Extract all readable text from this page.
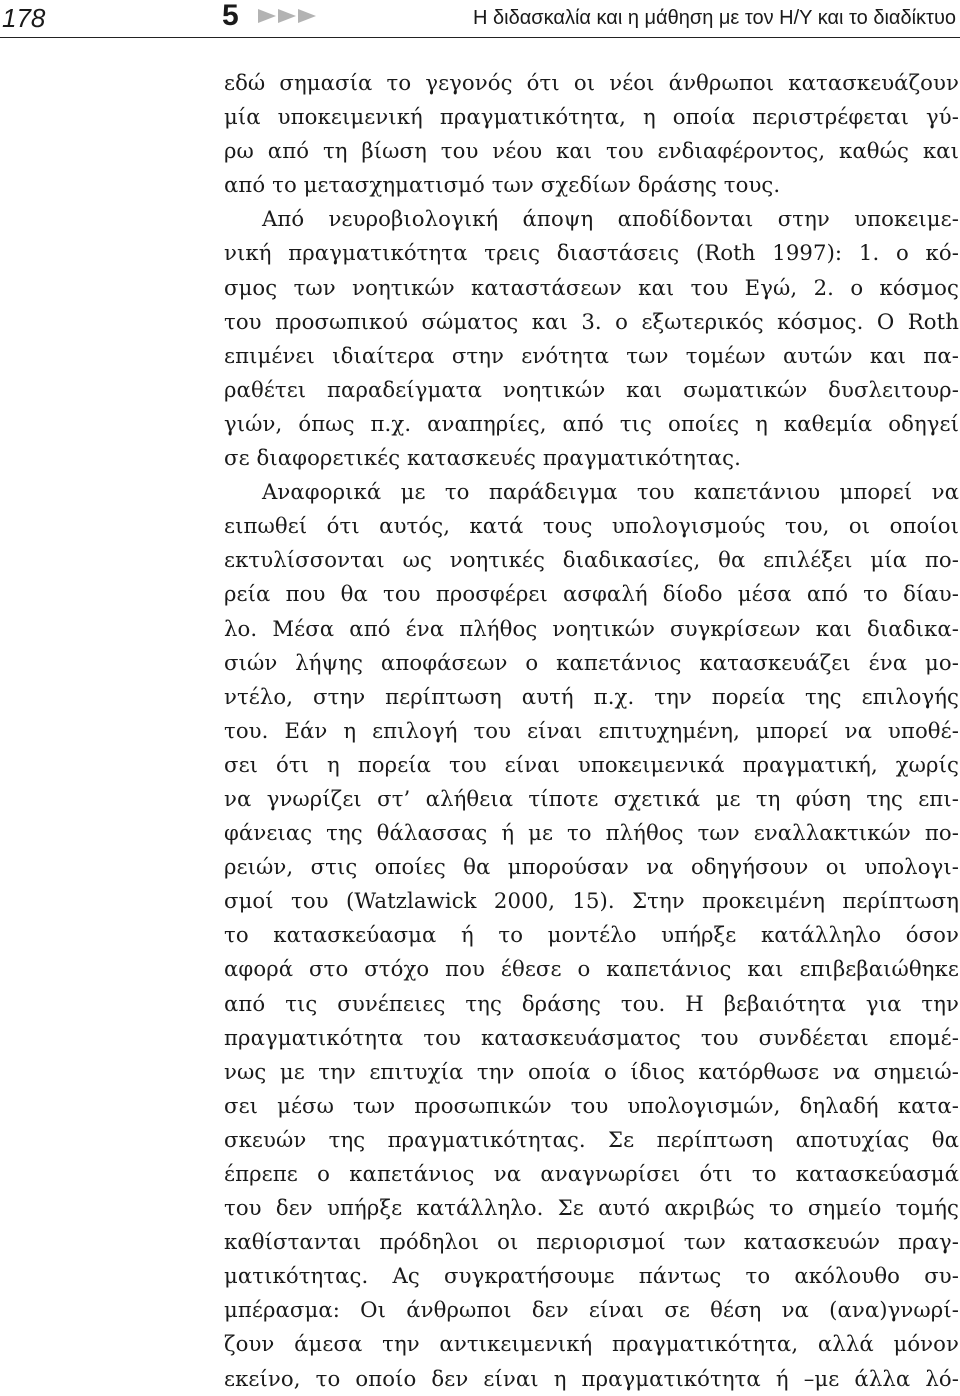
178	5	Η διδασκαλία και η μάθηση με τον Η/Υ και το διαδίκτυο
εδώ σημασία το γεγονός ότι οι νέοι άνθρωποι κατασκευάζουν
μία υποκειμενική πραγματικότητα, η οποία περιστρέφεται γύ-
ρω από τη βίωση του νέου και του ενδιαφέροντος, καθώς και
από το μετασχηματισμό των σχεδίων δράσης τους.
Από νευροβιολογική άποψη αποδίδονται στην υποκειμε-
νική πραγματικότητα τρεις διαστάσεις (Roth 1997): 1. ο κό-
σμος των νοητικών καταστάσεων και του Εγώ, 2. ο κόσμος
του προσωπικού σώματος και 3. ο εξωτερικός κόσμος. Ο Roth
επιμένει ιδιαίτερα στην ενότητα των τομέων αυτών και πα-
ραθέτει παραδείγματα νοητικών και σωματικών δυσλειτουρ-
γιών, όπως π.χ. αναπηρίες, από τις οποίες η καθεμία οδηγεί
σε διαφορετικές κατασκευές πραγματικότητας.
Αναφορικά με το παράδειγμα του καπετάνιου μπορεί να
ειπωθεί ότι αυτός, κατά τους υπολογισμούς του, οι οποίοι
εκτυλίσσονται ως νοητικές διαδικασίες, θα επιλέξει μία πο-
ρεία που θα του προσφέρει ασφαλή δίοδο μέσα από το δίαυ-
λο. Μέσα από ένα πλήθος νοητικών συγκρίσεων και διαδικα-
σιών λήψης αποφάσεων ο καπετάνιος κατασκευάζει ένα μο-
ντέλο, στην περίπτωση αυτή π.χ. την πορεία της επιλογής
του. Εάν η επιλογή του είναι επιτυχημένη, μπορεί να υποθέ-
σει ότι η πορεία του είναι υποκειμενικά πραγματική, χωρίς
να γνωρίζει στ’ αλήθεια τίποτε σχετικά με τη φύση της επι-
φάνειας της θάλασσας ή με το πλήθος των εναλλακτικών πο-
ρειών, στις οποίες θα μπορούσαν να οδηγήσουν οι υπολογι-
σμοί του (Watzlawick 2000, 15). Στην προκειμένη περίπτωση
το κατασκεύασμα ή το μοντέλο υπήρξε κατάλληλο όσον
αφορά στο στόχο που έθεσε ο καπετάνιος και επιβεβαιώθηκε
από τις συνέπειες της δράσης του. Η βεβαιότητα για την
πραγματικότητα του κατασκευάσματος του συνδέεται επομέ-
νως με την επιτυχία την οποία ο ίδιος κατόρθωσε να σημειώ-
σει μέσω των προσωπικών του υπολογισμών, δηλαδή κατα-
σκευών της πραγματικότητας. Σε περίπτωση αποτυχίας θα
έπρεπε ο καπετάνιος να αναγνωρίσει ότι το κατασκεύασμά
του δεν υπήρξε κατάλληλο. Σε αυτό ακριβώς το σημείο τομής
καθίστανται πρόδηλοι οι περιορισμοί των κατασκευών πραγ-
ματικότητας. Ας συγκρατήσουμε πάντως το ακόλουθο συ-
μπέρασμα: Οι άνθρωποι δεν είναι σε θέση να (ανα)γνωρί-
ζουν άμεσα την αντικειμενική πραγματικότητα, αλλά μόνον
εκείνο, το οποίο δεν είναι η πραγματικότητα ή –με άλλα λό-
